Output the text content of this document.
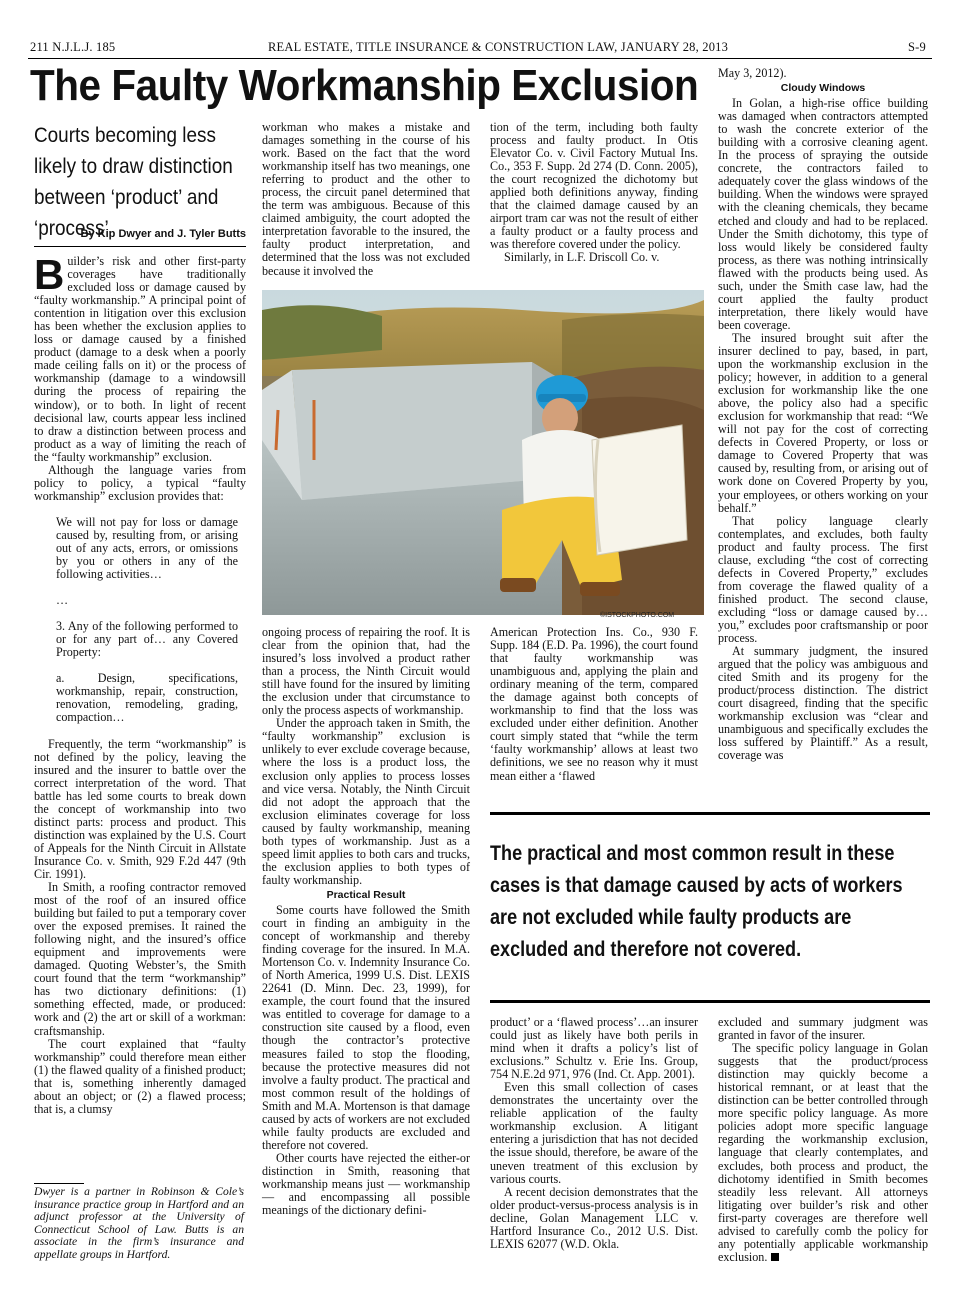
211 N.J.L.J. 185	REAL ESTATE, TITLE INSURANCE & CONSTRUCTION LAW, JANUARY 28, 2013	S-9
The Faulty Workmanship Exclusion
Courts becoming less likely to draw distinction between ‘product’ and ‘process’
By Kip Dwyer and J. Tyler Butts

Builder’s risk and other first-party coverages have traditionally excluded loss or damage caused by “faulty workmanship.” A principal point of contention in litigation over this exclusion has been whether the exclusion applies to loss or damage caused by a finished product (damage to a desk when a poorly made ceiling falls on it) or the process of workmanship (damage to a windowsill during the process of repairing the window), or to both. In light of recent decisional law, courts appear less inclined to draw a distinction between process and product as a way of limiting the reach of the “faulty workmanship” exclusion.

Although the language varies from policy to policy, a typical “faulty workmanship” exclusion provides that:

We will not pay for loss or damage caused by, resulting from, or arising out of any acts, errors, or omissions by you or others in any of the following activities…

…

3. Any of the following performed to or for any part of… any Covered Property:

a. Design, specifications, workmanship, repair, construction, renovation, remodeling, grading, compaction…

Frequently, the term “workmanship” is not defined by the policy, leaving the insured and the insurer to battle over the correct interpretation of the word. That battle has led some courts to break down the concept of workmanship into two distinct parts: process and product. This distinction was explained by the U.S. Court of Appeals for the Ninth Circuit in Allstate Insurance Co. v. Smith, 929 F.2d 447 (9th Cir. 1991).

In Smith, a roofing contractor removed most of the roof of an insured office building but failed to put a temporary cover over the exposed premises. It rained the following night, and the insured’s office equipment and improvements were damaged. Quoting Webster’s, the Smith court found that the term “workmanship” has two dictionary definitions: (1) something effected, made, or produced: work and (2) the art or skill of a workman: craftsmanship.

The court explained that “faulty workmanship” could therefore mean either (1) the flawed quality of a finished product; that is, something inherently damaged about an object; or (2) a flawed process; that is, a clumsy

Dwyer is a partner in Robinson & Cole’s insurance practice group in Hartford and an adjunct professor at the University of Connecticut School of Law. Butts is an associate in the firm’s insurance and appellate groups in Hartford.

workman who makes a mistake and damages something in the course of his work. Based on the fact that the word workmanship itself has two meanings, one referring to product and the other to process, the circuit panel determined that the term was ambiguous. Because of this claimed ambiguity, the court adopted the interpretation favorable to the insured, the faulty product interpretation, and determined that the loss was not excluded because it involved the

tion of the term, including both faulty process and faulty product. In Otis Elevator Co. v. Civil Factory Mutual Ins. Co., 353 F. Supp. 2d 274 (D. Conn. 2005), the court recognized the dichotomy but applied both definitions anyway, finding that the claimed damage caused by an airport tram car was not the result of either a faulty product or a faulty process and was therefore covered under the policy.

Similarly, in L.F. Driscoll Co. v.

©ISTOCKPHOTO.COM

ongoing process of repairing the roof. It is clear from the opinion that, had the insured’s loss involved a product rather than a process, the Ninth Circuit would still have found for the insured by limiting the exclusion under that circumstance to only the process aspects of workmanship.

Under the approach taken in Smith, the “faulty workmanship” exclusion is unlikely to ever exclude coverage because, where the loss is a product loss, the exclusion only applies to process losses and vice versa. Notably, the Ninth Circuit did not adopt the approach that the exclusion eliminates coverage for loss caused by faulty workmanship, meaning both types of workmanship. Just as a speed limit applies to both cars and trucks, the exclusion applies to both types of faulty workmanship.

Practical Result

Some courts have followed the Smith court in finding an ambiguity in the concept of workmanship and thereby finding coverage for the insured. In M.A. Mortenson Co. v. Indemnity Insurance Co. of North America, 1999 U.S. Dist. LEXIS 22641 (D. Minn. Dec. 23, 1999), for example, the court found that the insured was entitled to coverage for damage to a construction site caused by a flood, even though the contractor’s protective measures failed to stop the flooding, because the protective measures did not involve a faulty product. The practical and most common result of the holdings of Smith and M.A. Mortenson is that damage caused by acts of workers are not excluded while faulty products are excluded and therefore not covered.

Other courts have rejected the either-or distinction in Smith, reasoning that workmanship means just — workmanship — and encompassing all possible meanings of the dictionary defini-

American Protection Ins. Co., 930 F. Supp. 184 (E.D. Pa. 1996), the court found that faulty workmanship was unambiguous and, applying the plain and ordinary meaning of the term, compared the damage against both concepts of workmanship to find that the loss was excluded under either definition. Another court simply stated that “while the term ‘faulty workmanship’ allows at least two definitions, we see no reason why it must mean either a ‘flawed

The practical and most common result in these cases is that damage caused by acts of workers are not excluded while faulty products are excluded and therefore not covered.

product’ or a ‘flawed process’…an insurer could just as likely have both perils in mind when it drafts a policy’s list of exclusions.” Schultz v. Erie Ins. Group, 754 N.E.2d 971, 976 (Ind. Ct. App. 2001).

Even this small collection of cases demonstrates the uncertainty over the reliable application of the faulty workmanship exclusion. A litigant entering a jurisdiction that has not decided the issue should, therefore, be aware of the uneven treatment of this exclusion by various courts.

A recent decision demonstrates that the older product-versus-process analysis is in decline, Golan Management LLC v. Hartford Insurance Co., 2012 U.S. Dist. LEXIS 62077 (W.D. Okla.

May 3, 2012).

Cloudy Windows

In Golan, a high-rise office building was damaged when contractors attempted to wash the concrete exterior of the building with a corrosive cleaning agent. In the process of spraying the outside concrete, the contractors failed to adequately cover the glass windows of the building. When the windows were sprayed with the cleaning chemicals, they became etched and cloudy and had to be replaced. Under the Smith dichotomy, this type of loss would likely be considered faulty process, as there was nothing intrinsically flawed with the products being used. As such, under the Smith case law, had the court applied the faulty product interpretation, there likely would have been coverage.

The insured brought suit after the insurer declined to pay, based, in part, upon the workmanship exclusion in the policy; however, in addition to a general exclusion for workmanship like the one above, the policy also had a specific exclusion for workmanship that read: “We will not pay for the cost of correcting defects in Covered Property, or loss or damage to Covered Property that was caused by, resulting from, or arising out of work done on Covered Property by you, your employees, or others working on your behalf.”

That policy language clearly contemplates, and excludes, both faulty product and faulty process. The first clause, excluding “the cost of correcting defects in Covered Property,” excludes from coverage the flawed quality of a finished product. The second clause, excluding “loss or damage caused by…you,” excludes poor craftsmanship or poor process.

At summary judgment, the insured argued that the policy was ambiguous and cited Smith and its progeny for the product/process distinction. The district court disagreed, finding that the specific workmanship exclusion was “clear and unambiguous and specifically excludes the loss suffered by Plaintiff.” As a result, coverage was

excluded and summary judgment was granted in favor of the insurer.

The specific policy language in Golan suggests that the product/process distinction may quickly become a historical remnant, or at least that the distinction can be better controlled through more specific policy language. As more policies adopt more specific language regarding the workmanship exclusion, language that clearly contemplates, and excludes, both process and product, the dichotomy identified in Smith becomes steadily less relevant. All attorneys litigating over builder’s risk and other first-party coverages are therefore well advised to carefully comb the policy for any potentially applicable workmanship exclusion.
